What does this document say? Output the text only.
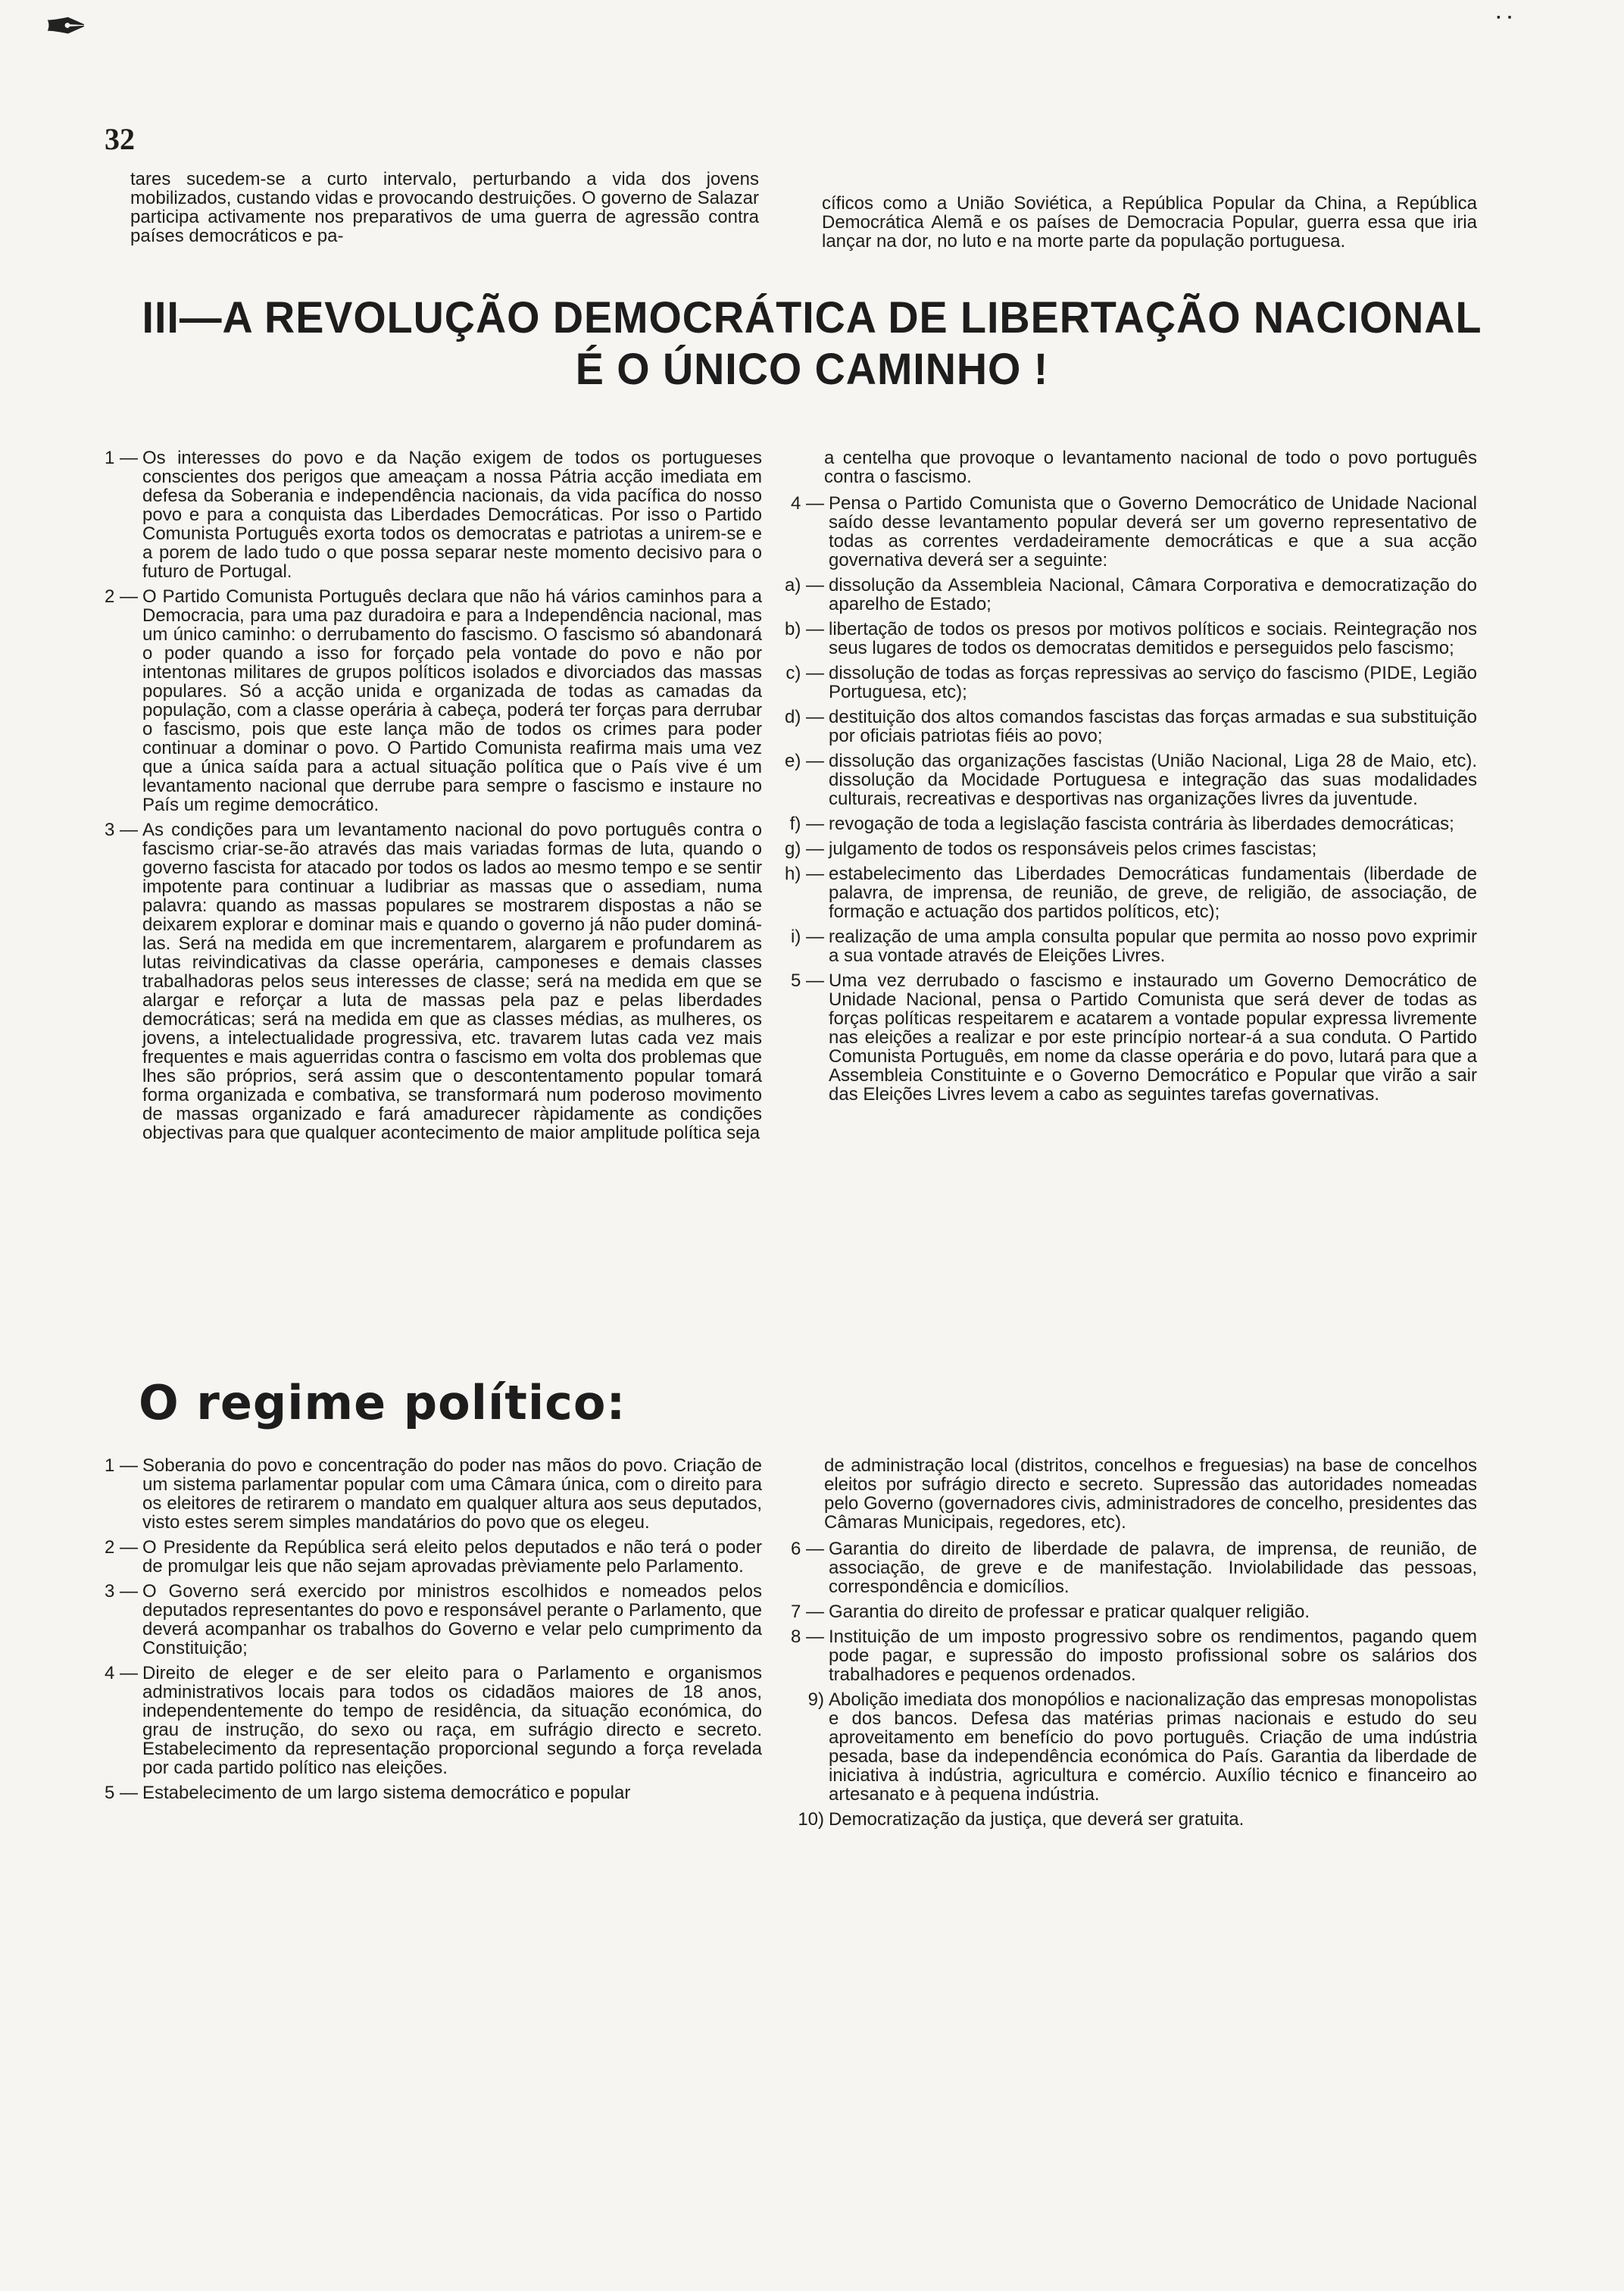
✒	· ·
32

tares sucedem-se a curto intervalo, perturbando a vida dos jovens mobilizados, custando vidas e provocando destruições. O governo de Salazar participa activamente nos preparativos de uma guerra de agressão contra países democráticos e pa-

cíficos como a União Soviética, a República Popular da China, a República Democrática Alemã e os países de Democracia Popular, guerra essa que iria lançar na dor, no luto e na morte parte da população portuguesa.

III—A REVOLUÇÃO DEMOCRÁTICA DE LIBERTAÇÃO NACIONAL
É O ÚNICO CAMINHO !
1 — Os interesses do povo e da Nação exigem de todos os portugueses conscientes dos perigos que ameaçam a nossa Pátria acção imediata em defesa da Soberania e independência nacionais, da vida pacífica do nosso povo e para a conquista das Liberdades Democráticas. Por isso o Partido Comunista Português exorta todos os democratas e patriotas a unirem-se e a porem de lado tudo o que possa separar neste momento decisivo para o futuro de Portugal.
2 — O Partido Comunista Português declara que não há vários caminhos para a Democracia, para uma paz duradoira e para a Independência nacional, mas um único caminho: o derrubamento do fascismo. O fascismo só abandonará o poder quando a isso for forçado pela vontade do povo e não por intentonas militares de grupos políticos isolados e divorciados das massas populares. Só a acção unida e organizada de todas as camadas da população, com a classe operária à cabeça, poderá ter forças para derrubar o fascismo, pois que este lança mão de todos os crimes para poder continuar a dominar o povo. O Partido Comunista reafirma mais uma vez que a única saída para a actual situação política que o País vive é um levantamento nacional que derrube para sempre o fascismo e instaure no País um regime democrático.
3 — As condições para um levantamento nacional do povo português contra o fascismo criar-se-ão através das mais variadas formas de luta, quando o governo fascista for atacado por todos os lados ao mesmo tempo e se sentir impotente para continuar a ludibriar as massas que o assediam, numa palavra: quando as massas populares se mostrarem dispostas a não se deixarem explorar e dominar mais e quando o governo já não puder dominá-las. Será na medida em que incrementarem, alargarem e profundarem as lutas reivindicativas da classe operária, camponeses e demais classes trabalhadoras pelos seus interesses de classe; será na medida em que se alargar e reforçar a luta de massas pela paz e pelas liberdades democráticas; será na medida em que as classes médias, as mulheres, os jovens, a intelectualidade progressiva, etc. travarem lutas cada vez mais frequentes e mais aguerridas contra o fascismo em volta dos problemas que lhes são próprios, será assim que o descontentamento popular tomará forma organizada e combativa, se transformará num poderoso movimento de massas organizado e fará amadurecer ràpidamente as condições objectivas para que qualquer acontecimento de maior amplitude política seja
a centelha que provoque o levantamento nacional de todo o povo português contra o fascismo.
4 — Pensa o Partido Comunista que o Governo Democrático de Unidade Nacional saído desse levantamento popular deverá ser um governo representativo de todas as correntes verdadeiramente democráticas e que a sua acção governativa deverá ser a seguinte:
a) — dissolução da Assembleia Nacional, Câmara Corporativa e democratização do aparelho de Estado;
b) — libertação de todos os presos por motivos políticos e sociais. Reintegração nos seus lugares de todos os democratas demitidos e perseguidos pelo fascismo;
c) — dissolução de todas as forças repressivas ao serviço do fascismo (PIDE, Legião Portuguesa, etc);
d) — destituição dos altos comandos fascistas das forças armadas e sua substituição por oficiais patriotas fiéis ao povo;
e) — dissolução das organizações fascistas (União Nacional, Liga 28 de Maio, etc). dissolução da Mocidade Portuguesa e integração das suas modalidades culturais, recreativas e desportivas nas organizações livres da juventude.
f) — revogação de toda a legislação fascista contrária às liberdades democráticas;
g) — julgamento de todos os responsáveis pelos crimes fascistas;
h) — estabelecimento das Liberdades Democráticas fundamentais (liberdade de palavra, de imprensa, de reunião, de greve, de religião, de associação, de formação e actuação dos partidos políticos, etc);
i) — realização de uma ampla consulta popular que permita ao nosso povo exprimir a sua vontade através de Eleições Livres.
5 — Uma vez derrubado o fascismo e instaurado um Governo Democrático de Unidade Nacional, pensa o Partido Comunista que será dever de todas as forças políticas respeitarem e acatarem a vontade popular expressa livremente nas eleições a realizar e por este princípio nortear-á a sua conduta. O Partido Comunista Português, em nome da classe operária e do povo, lutará para que a Assembleia Constituinte e o Governo Democrático e Popular que virão a sair das Eleições Livres levem a cabo as seguintes tarefas governativas.
O regime político:
1 — Soberania do povo e concentração do poder nas mãos do povo. Criação de um sistema parlamentar popular com uma Câmara única, com o direito para os eleitores de retirarem o mandato em qualquer altura aos seus deputados, visto estes serem simples mandatários do povo que os elegeu.
2 — O Presidente da República será eleito pelos deputados e não terá o poder de promulgar leis que não sejam aprovadas prèviamente pelo Parlamento.
3 — O Governo será exercido por ministros escolhidos e nomeados pelos deputados representantes do povo e responsável perante o Parlamento, que deverá acompanhar os trabalhos do Governo e velar pelo cumprimento da Constituição;
4 — Direito de eleger e de ser eleito para o Parlamento e organismos administrativos locais para todos os cidadãos maiores de 18 anos, independentemente do tempo de residência, da situação económica, do grau de instrução, do sexo ou raça, em sufrágio directo e secreto. Estabelecimento da representação proporcional segundo a força revelada por cada partido político nas eleições.
5 — Estabelecimento de um largo sistema democrático e popular
de administração local (distritos, concelhos e freguesias) na base de concelhos eleitos por sufrágio directo e secreto. Supressão das autoridades nomeadas pelo Governo (governadores civis, administradores de concelho, presidentes das Câmaras Municipais, regedores, etc).
6 — Garantia do direito de liberdade de palavra, de imprensa, de reunião, de associação, de greve e de manifestação. Inviolabilidade das pessoas, correspondência e domicílios.
7 — Garantia do direito de professar e praticar qualquer religião.
8 — Instituição de um imposto progressivo sobre os rendimentos, pagando quem pode pagar, e supressão do imposto profissional sobre os salários dos trabalhadores e pequenos ordenados.
9) Abolição imediata dos monopólios e nacionalização das empresas monopolistas e dos bancos. Defesa das matérias primas nacionais e estudo do seu aproveitamento em benefício do povo português. Criação de uma indústria pesada, base da independência económica do País. Garantia da liberdade de iniciativa à indústria, agricultura e comércio. Auxílio técnico e financeiro ao artesanato e à pequena indústria.
10) Democratização da justiça, que deverá ser gratuita.
